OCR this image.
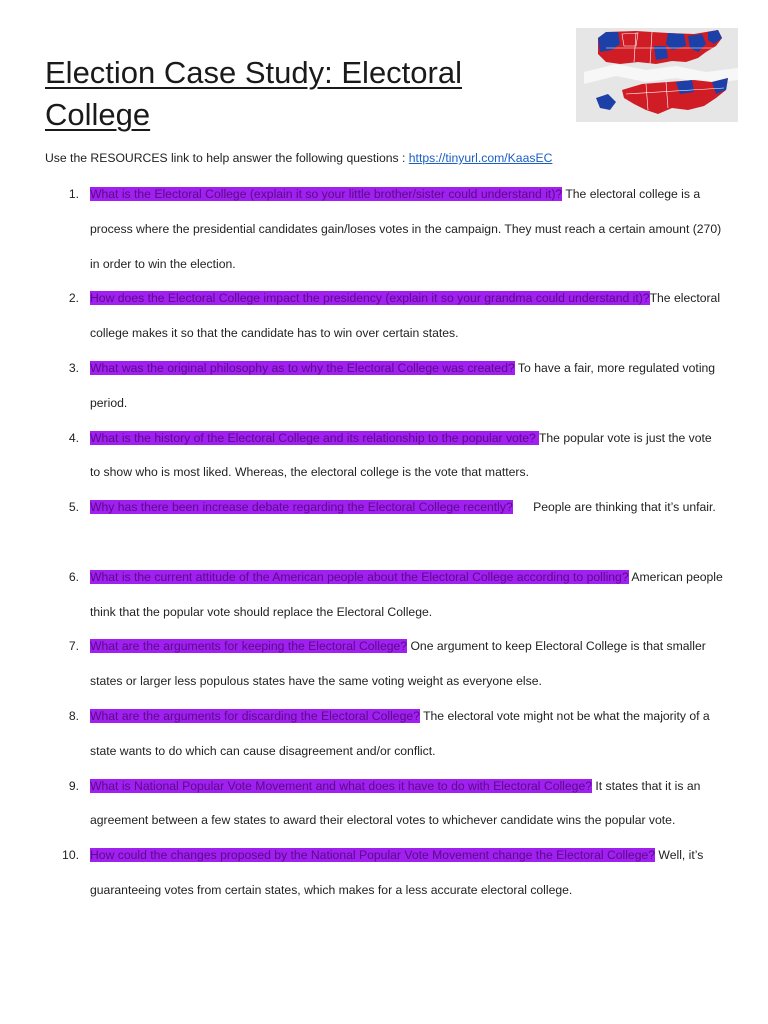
Election Case Study: Electoral College
Use the RESOURCES link to help answer the following questions : https://tinyurl.com/KaasEC
1. What is the Electoral College (explain it so your little brother/sister could understand it)? The electoral college is a process where the presidential candidates gain/loses votes in the campaign. They must reach a certain amount (270) in order to win the election.
2. How does the Electoral College impact the presidency (explain it so your grandma could understand it)?The electoral college makes it so that the candidate has to win over certain states.
3. What was the original philosophy as to why the Electoral College was created? To have a fair, more regulated voting period.
4. What is the history of the Electoral College and its relationship to the popular vote? The popular vote is just the vote to show who is most liked. Whereas, the electoral college is the vote that matters.
5. Why has there been increase debate regarding the Electoral College recently?      People are thinking that it’s unfair.
6. What is the current attitude of the American people about the Electoral College according to polling? American people think that the popular vote should replace the Electoral College.
7. What are the arguments for keeping the Electoral College? One argument to keep Electoral College is that smaller states or larger less populous states have the same voting weight as everyone else.
8. What are the arguments for discarding the Electoral College? The electoral vote might not be what the majority of a state wants to do which can cause disagreement and/or conflict.
9. What is National Popular Vote Movement and what does it have to do with Electoral College? It states that it is an agreement between a few states to award their electoral votes to whichever candidate wins the popular vote.
10. How could the changes proposed by the National Popular Vote Movement change the Electoral College? Well, it’s guaranteeing votes from certain states, which makes for a less accurate electoral college.
